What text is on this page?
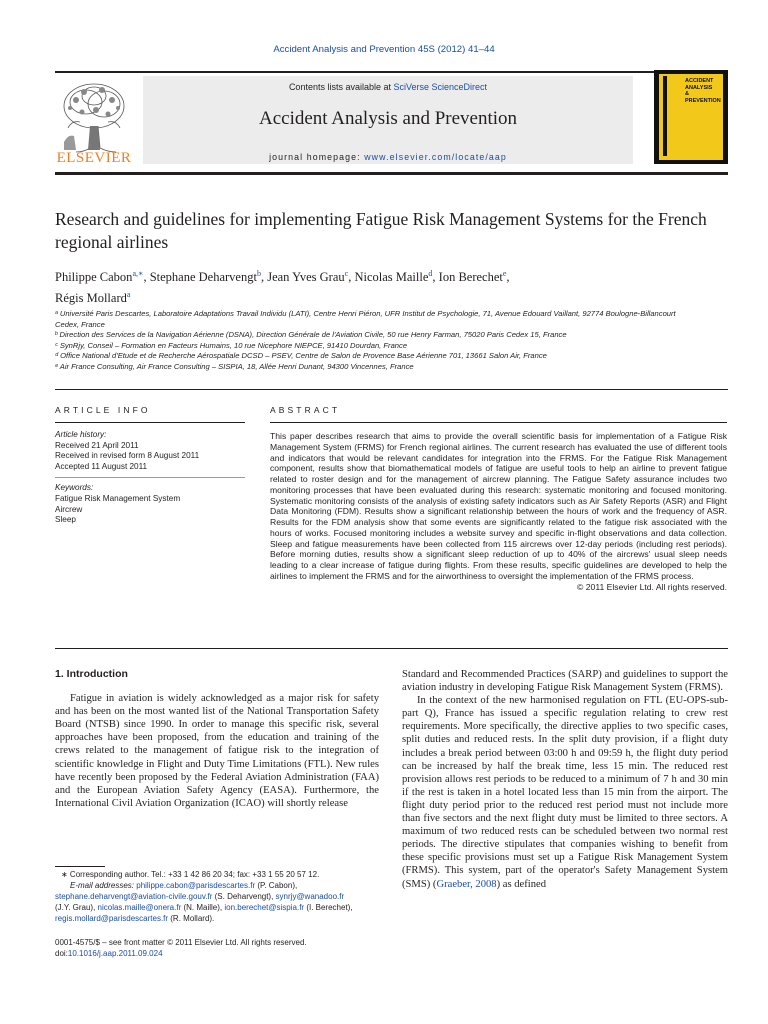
Accident Analysis and Prevention 45S (2012) 41–44
ELSEVIER
Contents lists available at SciVerse ScienceDirect
Accident Analysis and Prevention
journal homepage: www.elsevier.com/locate/aap
ACCIDENT
ANALYSIS
&
PREVENTION
Research and guidelines for implementing Fatigue Risk Management Systems for the French regional airlines
Philippe Cabon$^{a,∗}$, Stephane Deharvengt$^b$, Jean Yves Grau$^c$, Nicolas Maille$^d$, Ion Berechet$^e$,
Régis Mollard$^a$
ᵃ Université Paris Descartes, Laboratoire Adaptations Travail Individu (LATI), Centre Henri Piéron, UFR Institut de Psychologie, 71, Avenue Edouard Vaillant, 92774 Boulogne-Billancourt
Cedex, France
ᵇ Direction des Services de la Navigation Aérienne (DSNA), Direction Générale de l'Aviation Civile, 50 rue Henry Farman, 75020 Paris Cedex 15, France
ᶜ SynRjy, Conseil – Formation en Facteurs Humains, 10 rue Nicephore NIEPCE, 91410 Dourdan, France
ᵈ Office National d'Etude et de Recherche Aérospatiale DCSD – PSEV, Centre de Salon de Provence Base Aérienne 701, 13661 Salon Air, France
ᵉ Air France Consulting, Air France Consulting – SISPIA, 18, Allée Henri Dunant, 94300 Vincennes, France
ARTICLE INFO	ABSTRACT
Article history:
Received 21 April 2011
Received in revised form 8 August 2011
Accepted 11 August 2011
Keywords:
Fatigue Risk Management System
Aircrew
Sleep
This paper describes research that aims to provide the overall scientific basis for implementation of a Fatigue Risk Management System (FRMS) for French regional airlines. The current research has evaluated the use of different tools and indicators that would be relevant candidates for integration into the FRMS. For the Fatigue Risk Management component, results show that biomathematical models of fatigue are useful tools to help an airline to prevent fatigue related to roster design and for the management of aircrew planning. The Fatigue Safety assurance includes two monitoring processes that have been evaluated during this research: systematic monitoring and focused monitoring. Systematic monitoring consists of the analysis of existing safety indicators such as Air Safety Reports (ASR) and Flight Data Monitoring (FDM). Results show a significant relationship between the hours of work and the frequency of ASR. Results for the FDM analysis show that some events are significantly related to the fatigue risk associated with the hours of works. Focused monitoring includes a website survey and specific in-flight observations and data collection. Sleep and fatigue measurements have been collected from 115 aircrews over 12-day periods (including rest periods). Before morning duties, results show a significant sleep reduction of up to 40% of the aircrews' usual sleep needs leading to a clear increase of fatigue during flights. From these results, specific guidelines are developed to help the airlines to implement the FRMS and for the airworthiness to oversight the implementation of the FRMS process.
© 2011 Elsevier Ltd. All rights reserved.
1. Introduction

Fatigue in aviation is widely acknowledged as a major risk for safety and has been on the most wanted list of the National Transportation Safety Board (NTSB) since 1990. In order to manage this specific risk, several approaches have been proposed, from the education and training of the crews related to the management of fatigue risk to the integration of scientific knowledge in Flight and Duty Time Limitations (FTL). New rules have recently been proposed by the Federal Aviation Administration (FAA) and the European Aviation Safety Agency (EASA). Furthermore, the International Civil Aviation Organization (ICAO) will shortly release

∗ Corresponding author. Tel.: +33 1 42 86 20 34; fax: +33 1 55 20 57 12.
E-mail addresses: philippe.cabon@parisdescartes.fr (P. Cabon),
stephane.deharvengt@aviation-civile.gouv.fr (S. Deharvengt), synrjy@wanadoo.fr
(J.Y. Grau), nicolas.maille@onera.fr (N. Maille), ion.berechet@sispia.fr (I. Berechet),
regis.mollard@parisdescartes.fr (R. Mollard).
0001-4575/$ – see front matter © 2011 Elsevier Ltd. All rights reserved.
doi:10.1016/j.aap.2011.09.024

Standard and Recommended Practices (SARP) and guidelines to support the aviation industry in developing Fatigue Risk Management System (FRMS).

In the context of the new harmonised regulation on FTL (EU-OPS-sub-part Q), France has issued a specific regulation relating to crew rest requirements. More specifically, the directive applies to two specific cases, split duties and reduced rests. In the split duty provision, if a flight duty includes a break period between 03:00 h and 09:59 h, the flight duty period can be increased by half the break time, less 15 min. The reduced rest provision allows rest periods to be reduced to a minimum of 7 h and 30 min if the rest is taken in a hotel located less than 15 min from the airport. The flight duty period prior to the reduced rest period must not include more than five sectors and the next flight duty must be limited to three sectors. A maximum of two reduced rests can be scheduled between two normal rest periods. The directive stipulates that companies wishing to benefit from these specific provisions must set up a Fatigue Risk Management System (FRMS). This system, part of the operator's Safety Management System (SMS) (Graeber, 2008) as defined
